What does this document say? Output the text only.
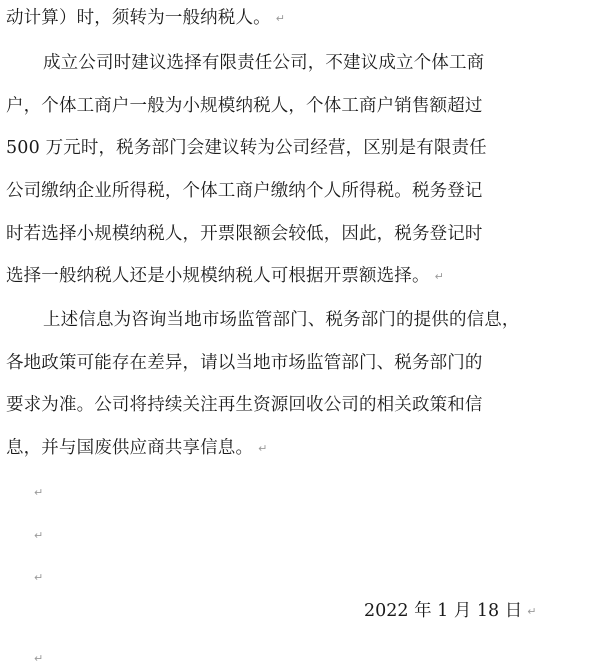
动计算）时，须转为一般纳税人。 ↵
成立公司时建议选择有限责任公司，不建议成立个体工商
户，个体工商户一般为小规模纳税人，个体工商户销售额超过
500 万元时，税务部门会建议转为公司经营，区别是有限责任
公司缴纳企业所得税，个体工商户缴纳个人所得税。税务登记
时若选择小规模纳税人，开票限额会较低，因此，税务登记时
选择一般纳税人还是小规模纳税人可根据开票额选择。 ↵
上述信息为咨询当地市场监管部门、税务部门的提供的信息，
各地政策可能存在差异，请以当地市场监管部门、税务部门的
要求为准。公司将持续关注再生资源回收公司的相关政策和信
息，并与国废供应商共享信息。 ↵
↵
↵
↵
2022 年 1 月 18 日 ↵
↵
